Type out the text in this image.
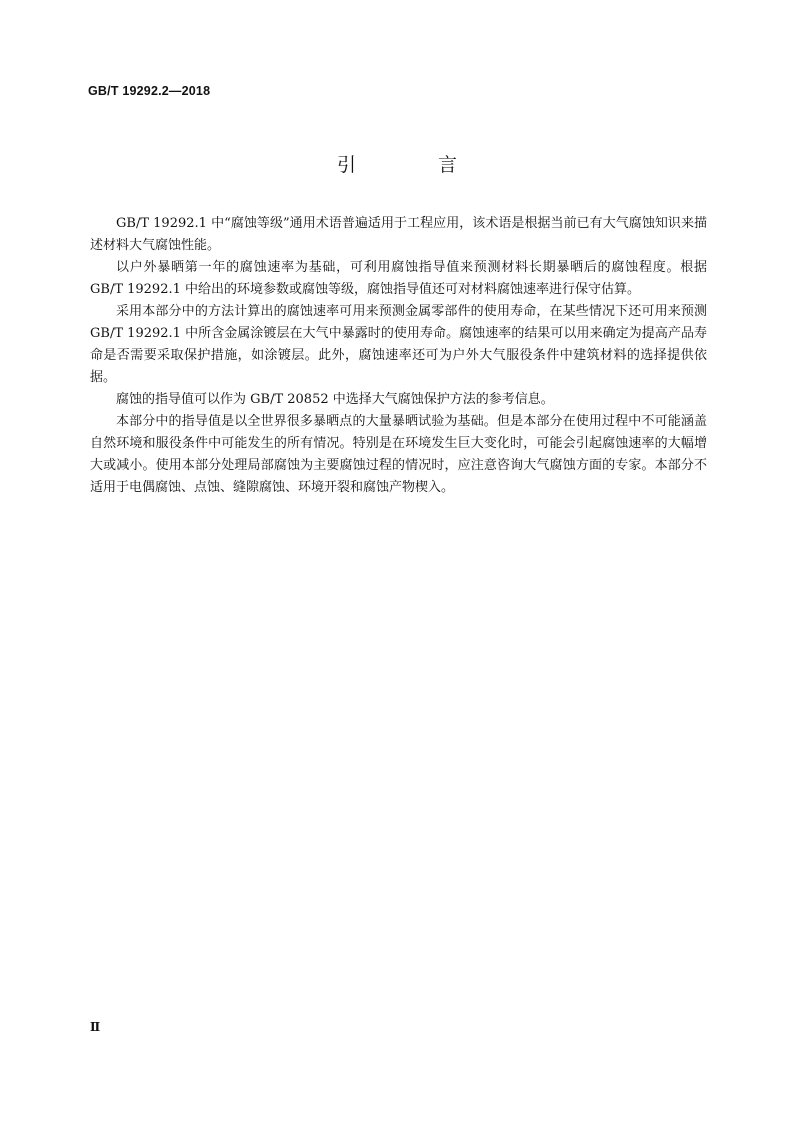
GB/T 19292.2—2018
引 言

GB/T 19292.1 中“腐蚀等级”通用术语普遍适用于工程应用，该术语是根据当前已有大气腐蚀知识来描述材料大气腐蚀性能。

以户外暴晒第一年的腐蚀速率为基础，可利用腐蚀指导值来预测材料长期暴晒后的腐蚀程度。根据 GB/T 19292.1 中给出的环境参数或腐蚀等级，腐蚀指导值还可对材料腐蚀速率进行保守估算。

采用本部分中的方法计算出的腐蚀速率可用来预测金属零部件的使用寿命，在某些情况下还可用来预测 GB/T 19292.1 中所含金属涂镀层在大气中暴露时的使用寿命。腐蚀速率的结果可以用来确定为提高产品寿命是否需要采取保护措施，如涂镀层。此外，腐蚀速率还可为户外大气服役条件中建筑材料的选择提供依据。

腐蚀的指导值可以作为 GB/T 20852 中选择大气腐蚀保护方法的参考信息。

本部分中的指导值是以全世界很多暴晒点的大量暴晒试验为基础。但是本部分在使用过程中不可能涵盖自然环境和服役条件中可能发生的所有情况。特别是在环境发生巨大变化时，可能会引起腐蚀速率的大幅增大或减小。使用本部分处理局部腐蚀为主要腐蚀过程的情况时，应注意咨询大气腐蚀方面的专家。本部分不适用于电偶腐蚀、点蚀、缝隙腐蚀、环境开裂和腐蚀产物楔入。

Ⅱ
